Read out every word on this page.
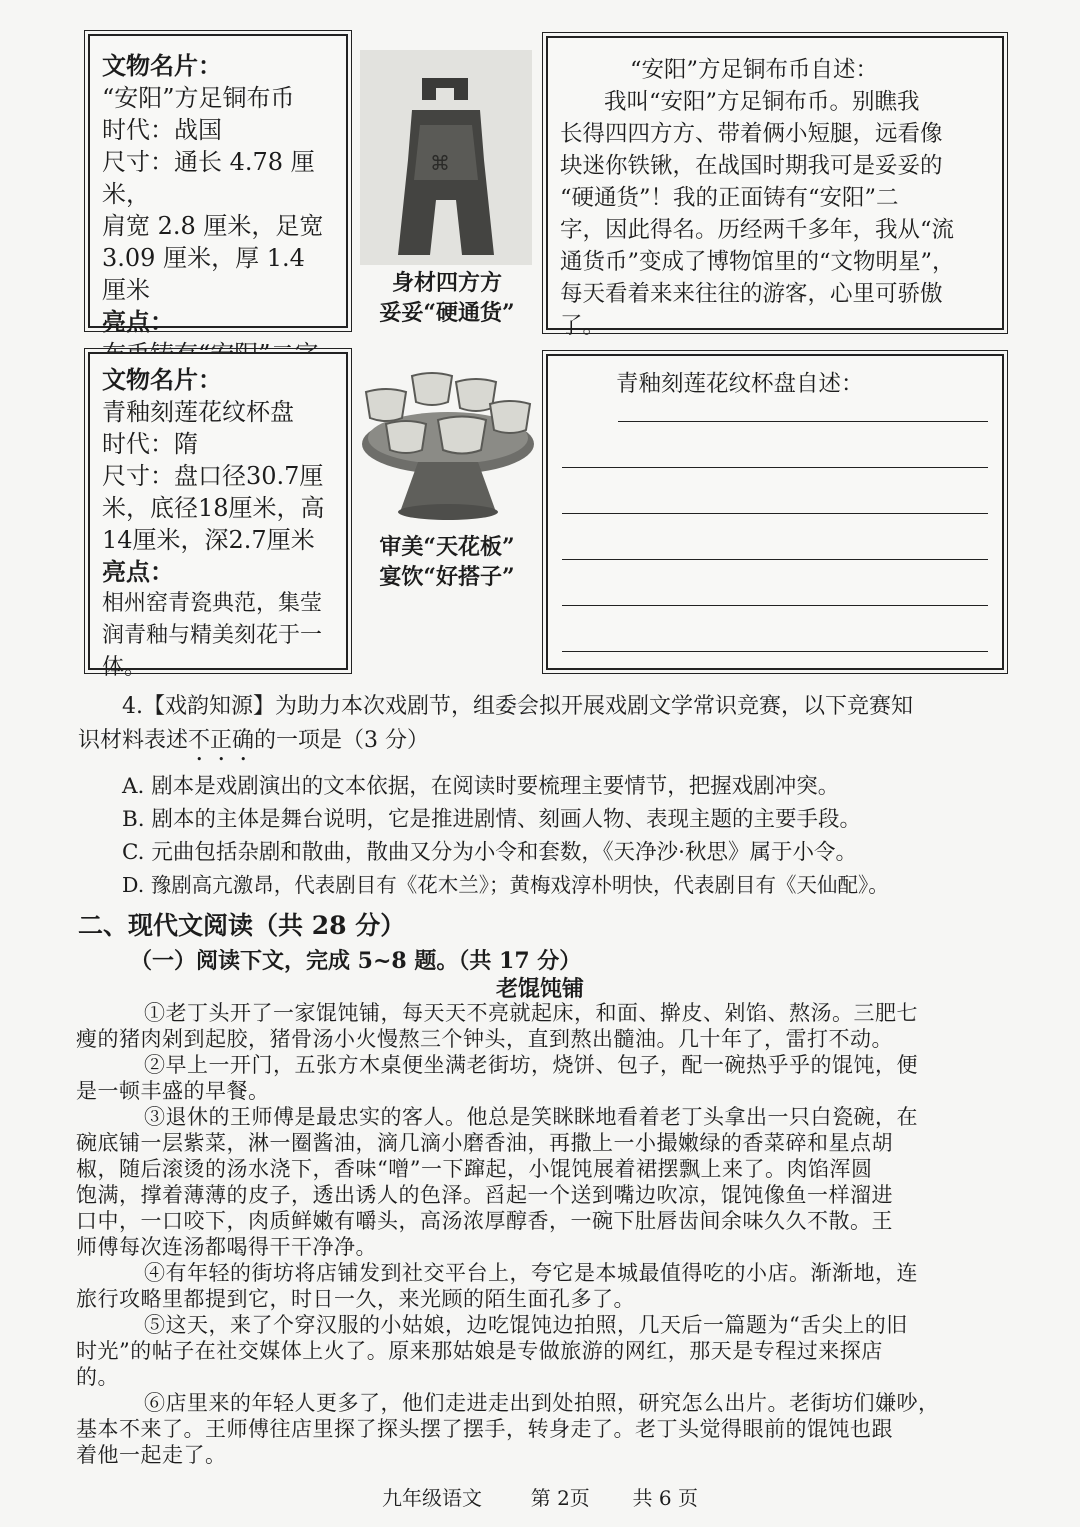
文物名片：

“安阳”方足铜布币

时代：战国

尺寸：通长 4.78 厘米，

肩宽 2.8 厘米，足宽

3.09 厘米，厚 1.4 厘米

亮点：

⌘
身材四方方
妥妥“硬通货”

“安阳”方足铜布币自述：

我叫“安阳”方足铜布币。别瞧我

长得四四方方、带着俩小短腿，远看像

块迷你铁锹，在战国时期我可是妥妥的

“硬通货”！我的正面铸有“安阳”二

字，因此得名。历经两千多年，我从“流

通货币”变成了博物馆里的“文物明星”，

每天看着来来往往的游客，心里可骄傲

了。

文物名片：

青釉刻莲花纹杯盘

时代：隋

尺寸：盘口径30.7厘

米，底径18厘米，高

14厘米，深2.7厘米

亮点：

相州窑青瓷典范，集莹

润青釉与精美刻花于一

体。

审美“天花板”
宴饮“好搭子”

青釉刻莲花纹杯盘自述：

4.【戏韵知源】为助力本次戏剧节，组委会拟开展戏剧文学常识竞赛，以下竞赛知

识材料表述不正确的一项是（3 分）

A. 剧本是戏剧演出的文本依据，在阅读时要梳理主要情节，把握戏剧冲突。

B. 剧本的主体是舞台说明，它是推进剧情、刻画人物、表现主题的主要手段。

C. 元曲包括杂剧和散曲，散曲又分为小令和套数，《天净沙·秋思》属于小令。

D. 豫剧高亢激昂，代表剧目有《花木兰》；黄梅戏淳朴明快，代表剧目有《天仙配》。

二、现代文阅读（共 28 分）
（一）阅读下文，完成 5~8 题。（共 17 分）
老馄饨铺

①老丁头开了一家馄饨铺，每天天不亮就起床，和面、擀皮、剁馅、熬汤。三肥七

瘦的猪肉剁到起胶，猪骨汤小火慢熬三个钟头，直到熬出髓油。几十年了，雷打不动。

②早上一开门，五张方木桌便坐满老街坊，烧饼、包子，配一碗热乎乎的馄饨，便

是一顿丰盛的早餐。

③退休的王师傅是最忠实的客人。他总是笑眯眯地看着老丁头拿出一只白瓷碗，在

碗底铺一层紫菜，淋一圈酱油，滴几滴小磨香油，再撒上一小撮嫩绿的香菜碎和星点胡

椒，随后滚烫的汤水浇下，香味“噌”一下蹿起，小馄饨展着裙摆飘上来了。肉馅浑圆

饱满，撑着薄薄的皮子，透出诱人的色泽。舀起一个送到嘴边吹凉，馄饨像鱼一样溜进

口中，一口咬下，肉质鲜嫩有嚼头，高汤浓厚醇香，一碗下肚唇齿间余味久久不散。王

师傅每次连汤都喝得干干净净。

④有年轻的街坊将店铺发到社交平台上，夸它是本城最值得吃的小店。渐渐地，连

旅行攻略里都提到它，时日一久，来光顾的陌生面孔多了。

⑤这天，来了个穿汉服的小姑娘，边吃馄饨边拍照，几天后一篇题为“舌尖上的旧

时光”的帖子在社交媒体上火了。原来那姑娘是专做旅游的网红，那天是专程过来探店

的。

⑥店里来的年轻人更多了，他们走进走出到处拍照，研究怎么出片。老街坊们嫌吵，

基本不来了。王师傅往店里探了探头摆了摆手，转身走了。老丁头觉得眼前的馄饨也跟

着他一起走了。

九年级语文 第 2页 共 6 页
